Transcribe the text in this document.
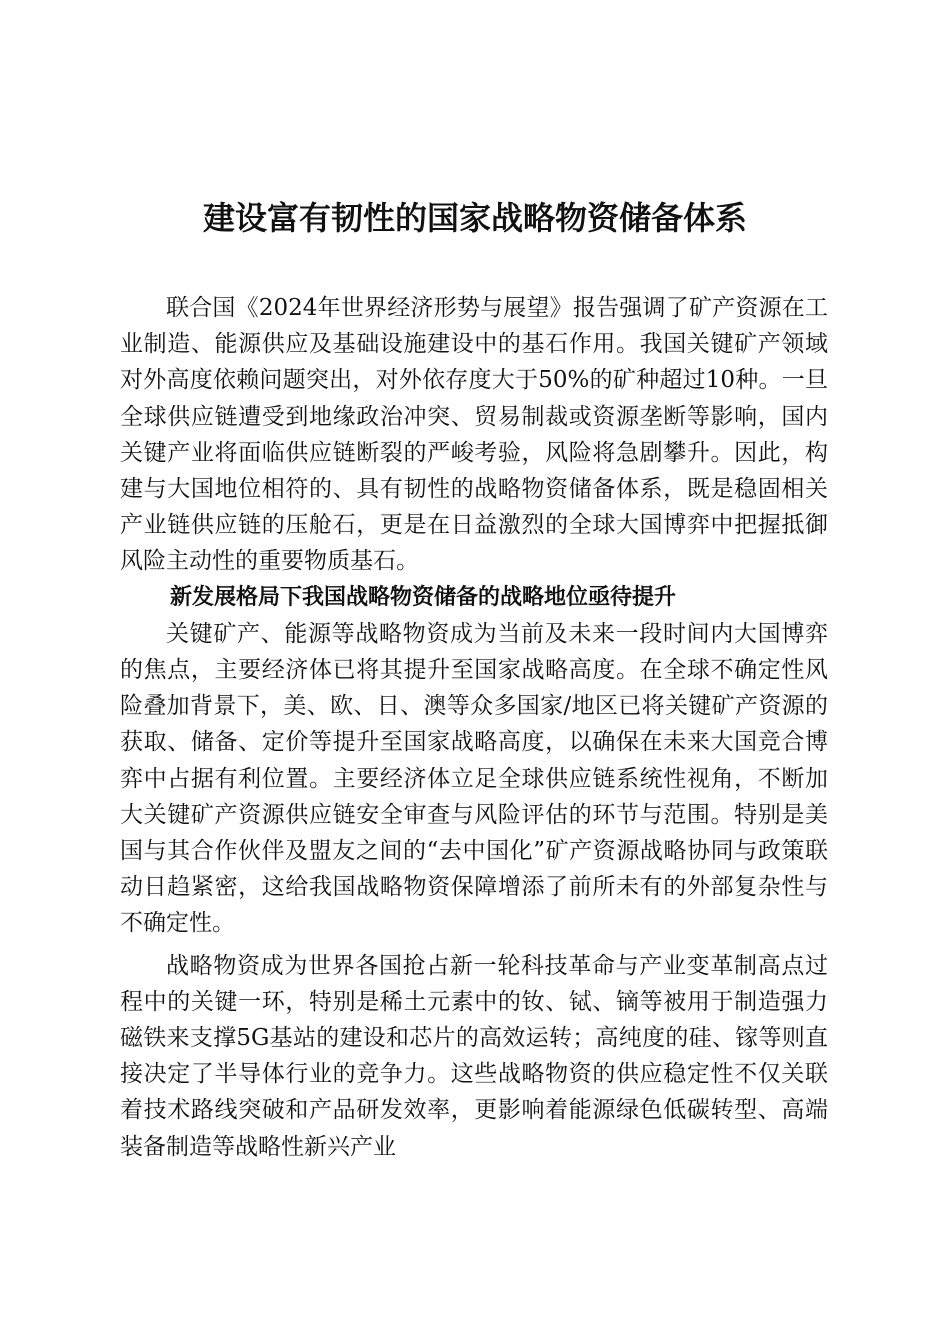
建设富有韧性的国家战略物资储备体系

联合国《2024年世界经济形势与展望》报告强调了矿产资源在工业制造、能源供应及基础设施建设中的基石作用。我国关键矿产领域对外高度依赖问题突出，对外依存度大于50%的矿种超过10种。一旦全球供应链遭受到地缘政治冲突、贸易制裁或资源垄断等影响，国内关键产业将面临供应链断裂的严峻考验，风险将急剧攀升。因此，构建与大国地位相符的、具有韧性的战略物资储备体系，既是稳固相关产业链供应链的压舱石，更是在日益激烈的全球大国博弈中把握抵御风险主动性的重要物质基石。

新发展格局下我国战略物资储备的战略地位亟待提升

关键矿产、能源等战略物资成为当前及未来一段时间内大国博弈的焦点，主要经济体已将其提升至国家战略高度。在全球不确定性风险叠加背景下，美、欧、日、澳等众多国家/地区已将关键矿产资源的获取、储备、定价等提升至国家战略高度，以确保在未来大国竞合博弈中占据有利位置。主要经济体立足全球供应链系统性视角，不断加大关键矿产资源供应链安全审查与风险评估的环节与范围。特别是美国与其合作伙伴及盟友之间的“去中国化”矿产资源战略协同与政策联动日趋紧密，这给我国战略物资保障增添了前所未有的外部复杂性与不确定性。

战略物资成为世界各国抢占新一轮科技革命与产业变革制高点过程中的关键一环，特别是稀土元素中的钕、铽、镝等被用于制造强力磁铁来支撑5G基站的建设和芯片的高效运转；高纯度的硅、镓等则直接决定了半导体行业的竞争力。这些战略物资的供应稳定性不仅关联着技术路线突破和产品研发效率，更影响着能源绿色低碳转型、高端装备制造等战略性新兴产业
